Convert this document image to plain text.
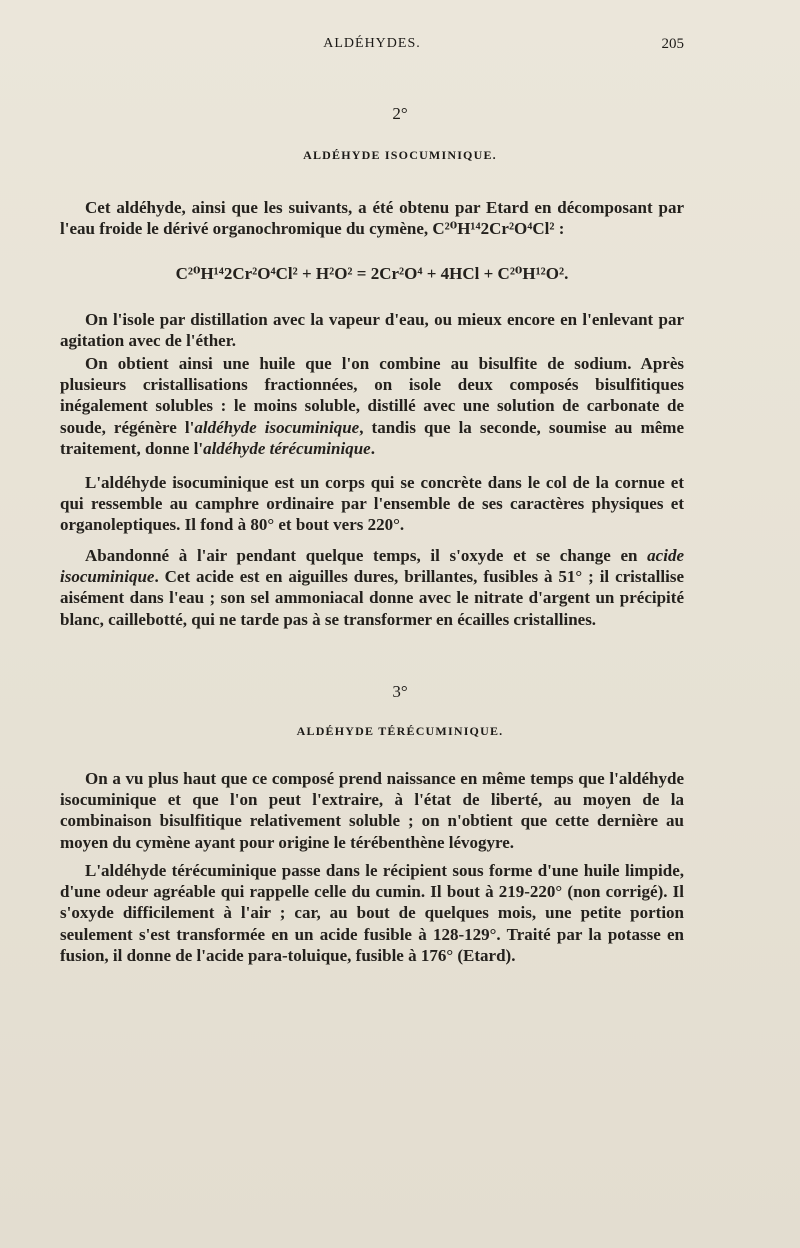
ALDÉHYDES.	205
2°
ALDÉHYDE ISOCUMINIQUE.

Cet aldéhyde, ainsi que les suivants, a été obtenu par Etard en décomposant par l'eau froide le dérivé organochromique du cymène, C²⁰H¹⁴2Cr²O⁴Cl² :

C²⁰H¹⁴2Cr²O⁴Cl² + H²O² = 2Cr²O⁴ + 4HCl + C²⁰H¹²O².

On l'isole par distillation avec la vapeur d'eau, ou mieux encore en l'enlevant par agitation avec de l'éther.

On obtient ainsi une huile que l'on combine au bisulfite de sodium. Après plusieurs cristallisations fractionnées, on isole deux composés bisulfitiques inégalement solubles : le moins soluble, distillé avec une solution de carbonate de soude, régénère l'aldéhyde isocuminique, tandis que la seconde, soumise au même traitement, donne l'aldéhyde térécuminique.

L'aldéhyde isocuminique est un corps qui se concrète dans le col de la cornue et qui ressemble au camphre ordinaire par l'ensemble de ses caractères physiques et organoleptiques. Il fond à 80° et bout vers 220°.

Abandonné à l'air pendant quelque temps, il s'oxyde et se change en acide isocuminique. Cet acide est en aiguilles dures, brillantes, fusibles à 51° ; il cristallise aisément dans l'eau ; son sel ammoniacal donne avec le nitrate d'argent un précipité blanc, caillebotté, qui ne tarde pas à se transformer en écailles cristallines.

3°
ALDÉHYDE TÉRÉCUMINIQUE.

On a vu plus haut que ce composé prend naissance en même temps que l'aldéhyde isocuminique et que l'on peut l'extraire, à l'état de liberté, au moyen de la combinaison bisulfitique relativement soluble ; on n'obtient que cette dernière au moyen du cymène ayant pour origine le térébenthène lévogyre.

L'aldéhyde térécuminique passe dans le récipient sous forme d'une huile limpide, d'une odeur agréable qui rappelle celle du cumin. Il bout à 219-220° (non corrigé). Il s'oxyde difficilement à l'air ; car, au bout de quelques mois, une petite portion seulement s'est transformée en un acide fusible à 128-129°. Traité par la potasse en fusion, il donne de l'acide para-toluique, fusible à 176° (Etard).
